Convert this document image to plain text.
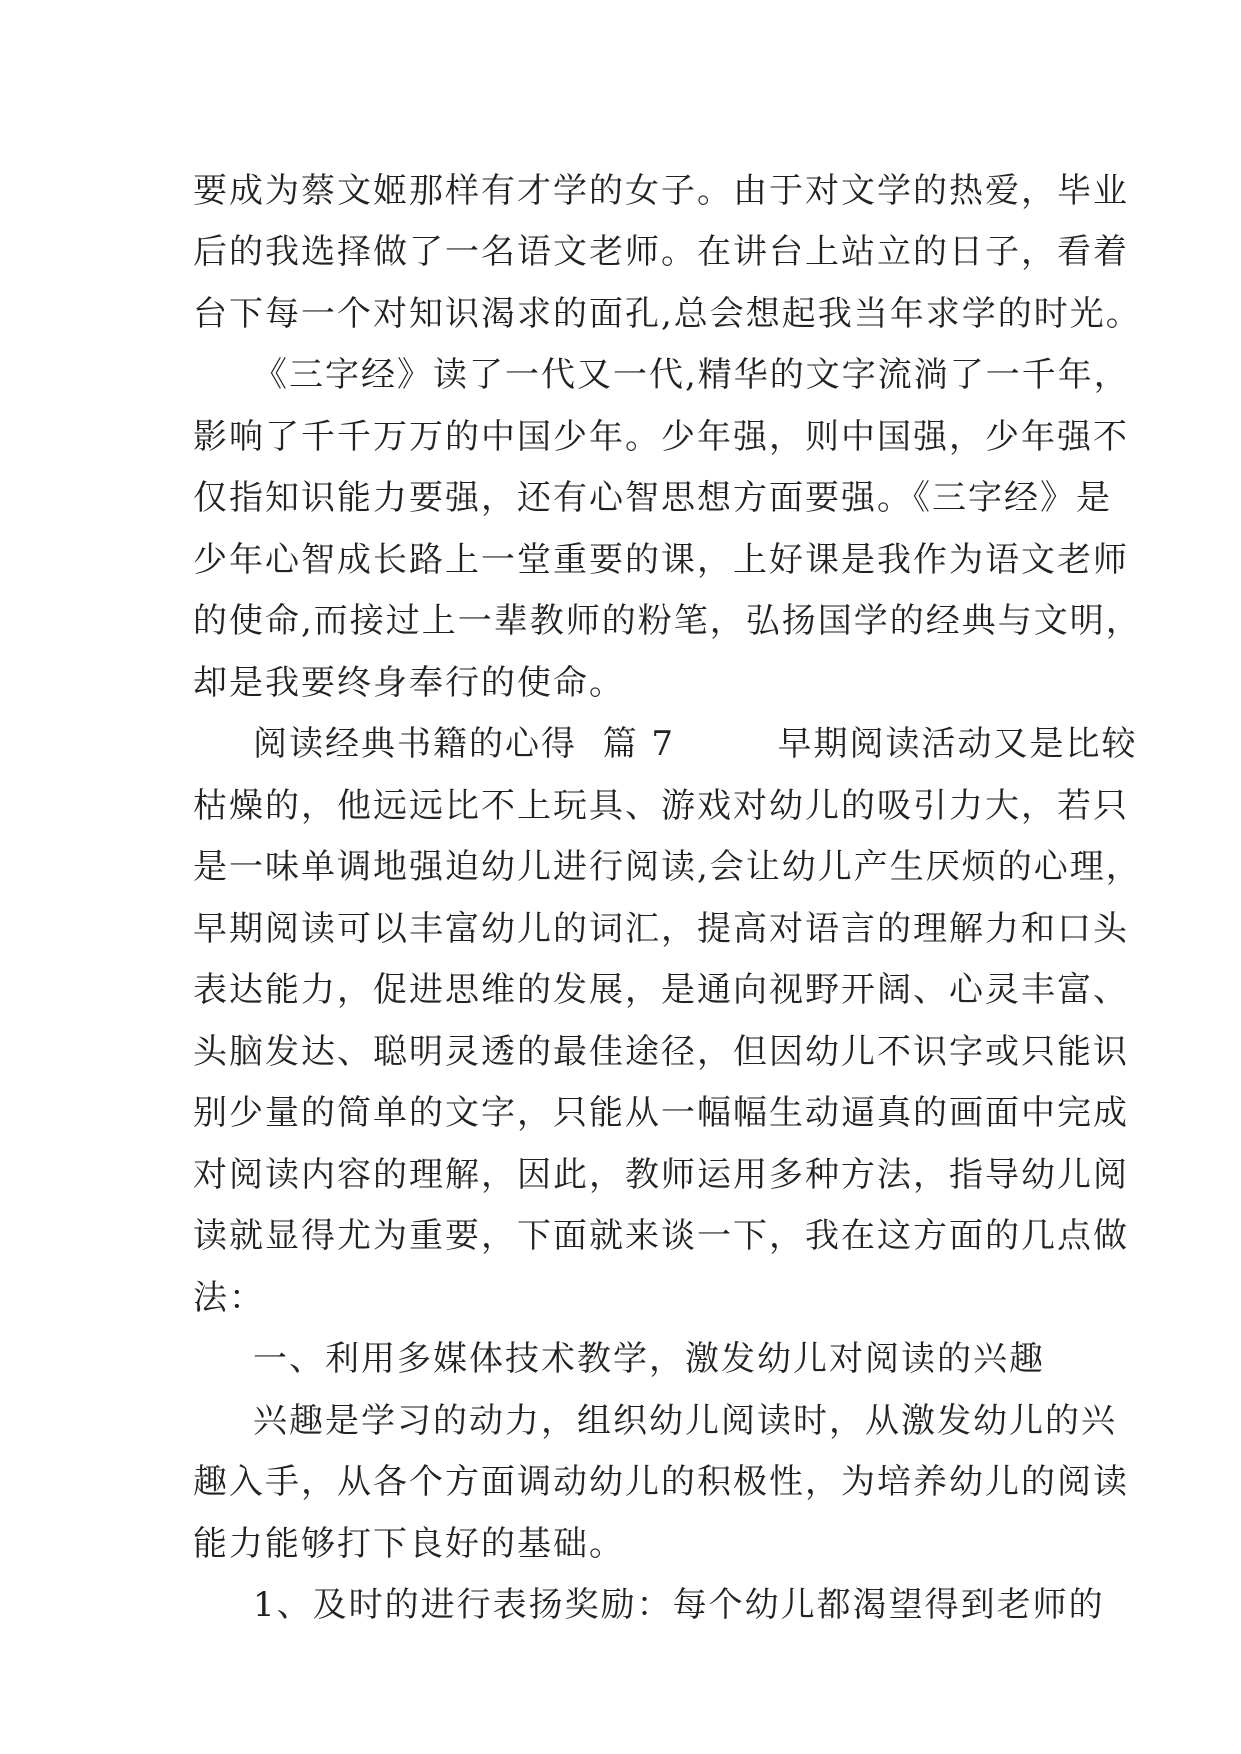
要成为蔡文姬那样有才学的女子。由于对文学的热爱，毕业
后的我选择做了一名语文老师。在讲台上站立的日子，看着
台下每一个对知识渴求的面孔,总会想起我当年求学的时光。
《三字经》读了一代又一代,精华的文字流淌了一千年，
影响了千千万万的中国少年。少年强，则中国强，少年强不
仅指知识能力要强，还有心智思想方面要强。《三字经》是
少年心智成长路上一堂重要的课，上好课是我作为语文老师
的使命,而接过上一辈教师的粉笔，弘扬国学的经典与文明，
却是我要终身奉行的使命。
阅读经典书籍的心得  篇 7        早期阅读活动又是比较
枯燥的，他远远比不上玩具、游戏对幼儿的吸引力大，若只
是一味单调地强迫幼儿进行阅读,会让幼儿产生厌烦的心理，
早期阅读可以丰富幼儿的词汇，提高对语言的理解力和口头
表达能力，促进思维的发展，是通向视野开阔、心灵丰富、
头脑发达、聪明灵透的最佳途径，但因幼儿不识字或只能识
别少量的简单的文字，只能从一幅幅生动逼真的画面中完成
对阅读内容的理解，因此，教师运用多种方法，指导幼儿阅
读就显得尤为重要，下面就来谈一下，我在这方面的几点做
法：
一、利用多媒体技术教学，激发幼儿对阅读的兴趣
兴趣是学习的动力，组织幼儿阅读时，从激发幼儿的兴
趣入手，从各个方面调动幼儿的积极性，为培养幼儿的阅读
能力能够打下良好的基础。
1、及时的进行表扬奖励：每个幼儿都渴望得到老师的
